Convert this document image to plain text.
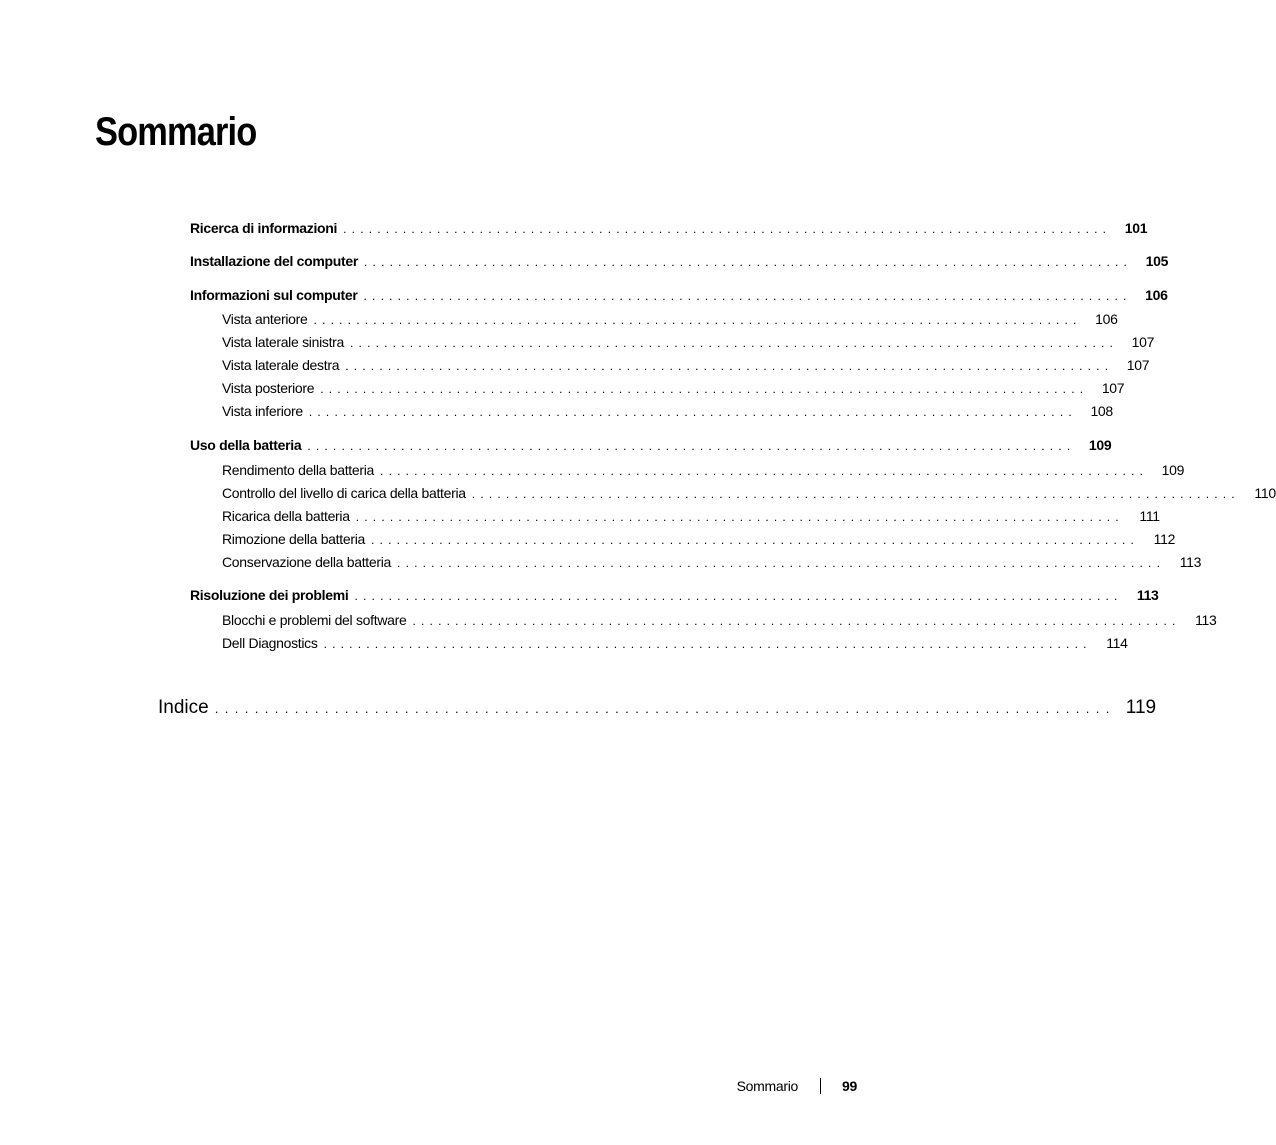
Sommario
Ricerca di informazioni .......................................................................................... 101
Installazione del computer .......................................................................................... 105
Informazioni sul computer .......................................................................................... 106
Vista anteriore .......................................................................................... 106
Vista laterale sinistra .......................................................................................... 107
Vista laterale destra .......................................................................................... 107
Vista posteriore .......................................................................................... 107
Vista inferiore .......................................................................................... 108
Uso della batteria .......................................................................................... 109
Rendimento della batteria .......................................................................................... 109
Controllo del livello di carica della batteria ..........................................................................................	110
Ricarica della batteria ..........................................................................................	111
Rimozione della batteria ..........................................................................................	112
Conservazione della batteria ..........................................................................................	113
Risoluzione dei problemi ..........................................................................................	113
Blocchi e problemi del software ..........................................................................................	113
Dell Diagnostics ..........................................................................................	114
Indice .......................................................................................... 119
Sommario	99
